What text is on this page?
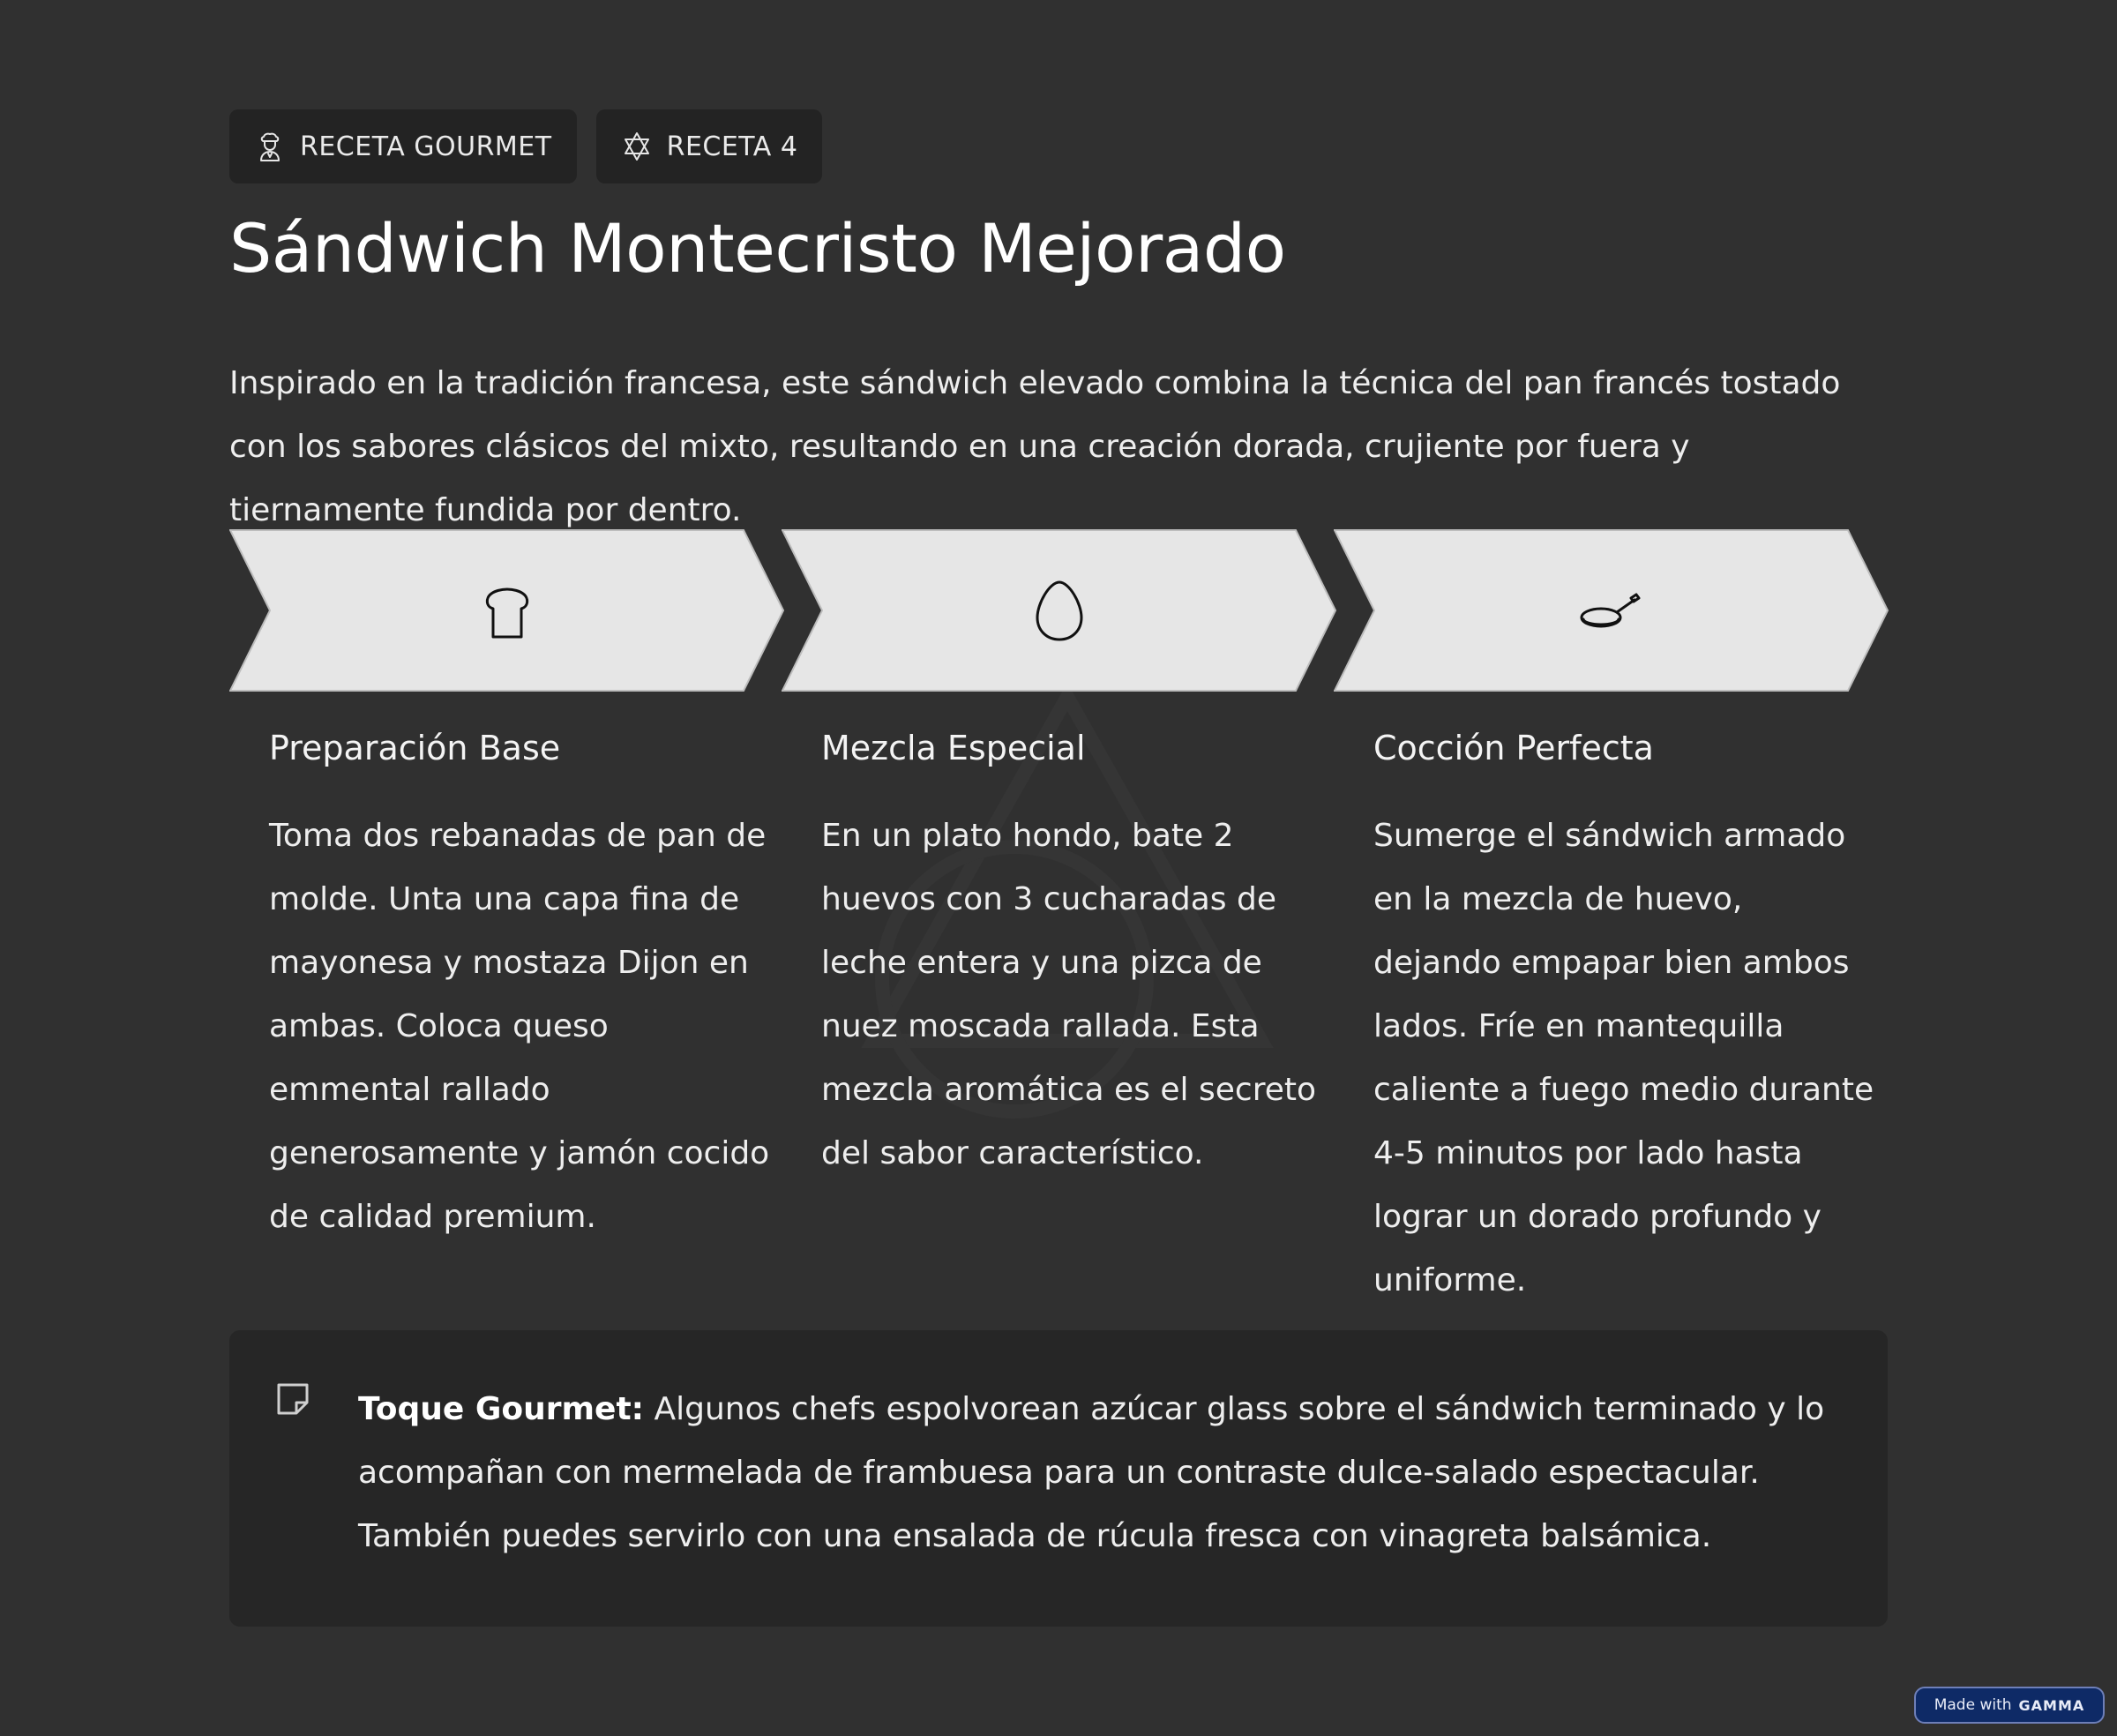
RECETA GOURMET	RECETA 4
Sándwich Montecristo Mejorado

Inspirado en la tradición francesa, este sándwich elevado combina la técnica del pan francés tostado con los sabores clásicos del mixto, resultando en una creación dorada, crujiente por fuera y tiernamente fundida por dentro.

Preparación Base

Toma dos rebanadas de pan de molde. Unta una capa fina de mayonesa y mostaza Dijon en ambas. Coloca queso emmental rallado generosamente y jamón cocido de calidad premium.

Mezcla Especial

En un plato hondo, bate 2 huevos con 3 cucharadas de leche entera y una pizca de nuez moscada rallada. Esta mezcla aromática es el secreto del sabor característico.

Cocción Perfecta

Sumerge el sándwich armado en la mezcla de huevo, dejando empapar bien ambos lados. Fríe en mantequilla caliente a fuego medio durante 4-5 minutos por lado hasta lograr un dorado profundo y uniforme.

Toque Gourmet: Algunos chefs espolvorean azúcar glass sobre el sándwich terminado y lo acompañan con mermelada de frambuesa para un contraste dulce-salado espectacular. También puedes servirlo con una ensalada de rúcula fresca con vinagreta balsámica.

Made with GAMMA
